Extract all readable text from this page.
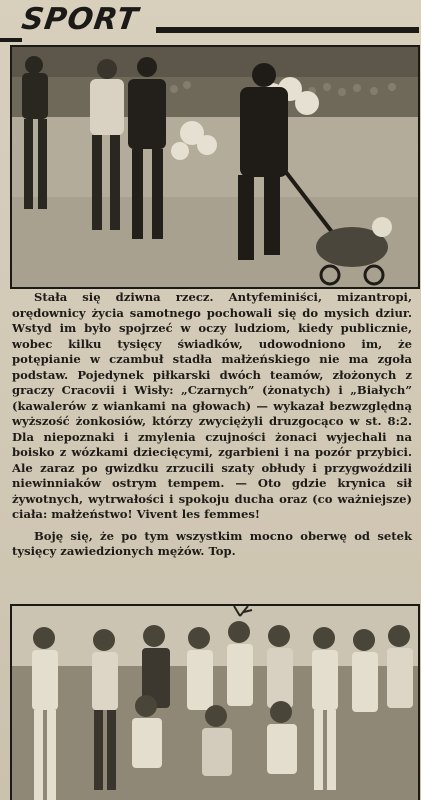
SPORT

Stała się dziwna rzecz. Antyfeminiści, mizantropi, orędownicy życia samotnego pochowali się do mysich dziur. Wstyd im było spojrzeć w oczy ludziom, kiedy publicznie, wobec kilku tysięcy świadków, udowodniono im, że potępianie w czambuł stadła małżeńskiego nie ma zgoła podstaw. Pojedynek piłkarski dwóch teamów, złożonych z graczy Cracovii i Wisły: „Czarnych” (żonatych) i „Białych” (kawalerów z wiankami na głowach) — wykazał bezwzględną wyższość żonkosiów, którzy zwyciężyli druzgocąco w st. 8:2. Dla niepoznaki i zmylenia czujności żonaci wyjechali na boisko z wózkami dziecięcymi, zgarbieni i na pozór przybici. Ale zaraz po gwizdku zrzucili szaty obłudy i przygwoździli niewinniaków ostrym tempem. — Oto gdzie krynica sił żywotnych, wytrwałości i spokoju ducha oraz (co ważniejsze) ciała: małżeństwo! Vivent les femmes!

Boję się, że po tym wszystkim mocno oberwę od setek tysięcy zawiedzionych mężów. Top.
